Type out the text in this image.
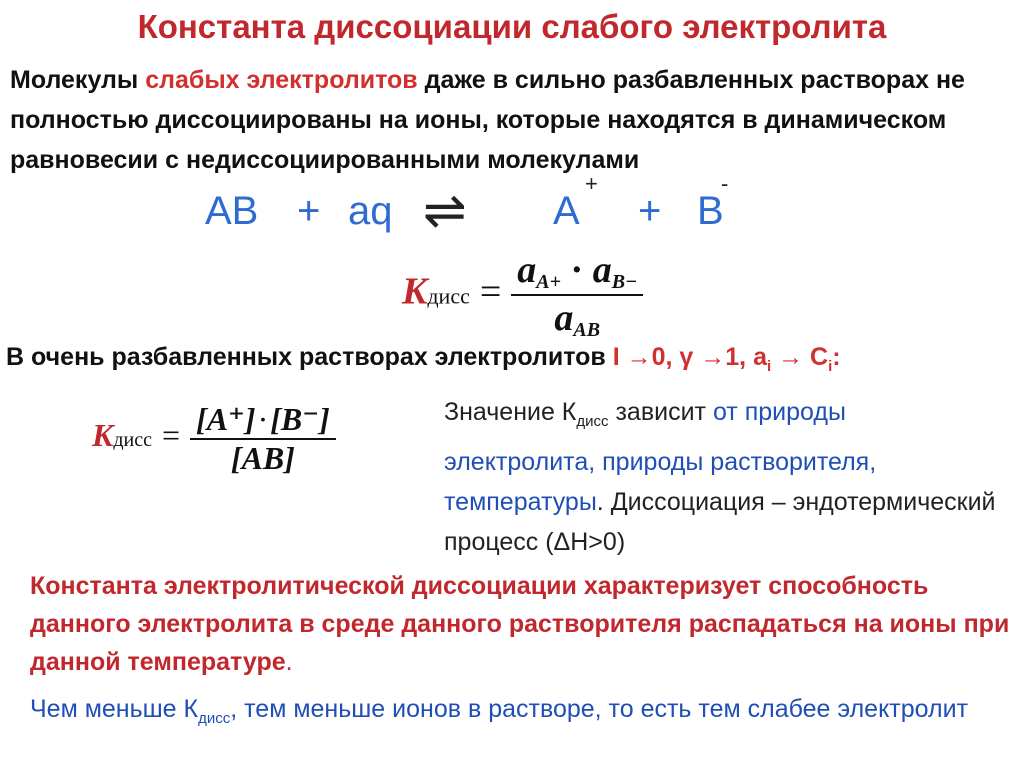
Константа диссоциации слабого электролита
Молекулы слабых электролитов даже в сильно разбавленных растворах не полностью диссоциированы на ионы, которые находятся в динамическом равновесии с недиссоциированными молекулами
AB + aq ⇌ A
+
+ B
-
Kдисс = $\frac{aA+ \cdot aB-}{\text{aAB}}$
В очень разбавленных растворах электролитов I →0, γ →1, $a_i \to C_i$:
Kдисс = $\frac{[A^+]\cdot[B^-]}{[AB]}$	Значение $К_{дисс}$ зависит от природы электролита, природы растворителя, температуры. Диссоциация – эндотермический процесс (ΔH>0)
Константа электролитической диссоциации характеризует способность данного электролита в среде данного растворителя распадаться на ионы при данной температуре.
Чем меньше $К_{дисс}$, тем меньше ионов в растворе, то есть тем слабее электролит
